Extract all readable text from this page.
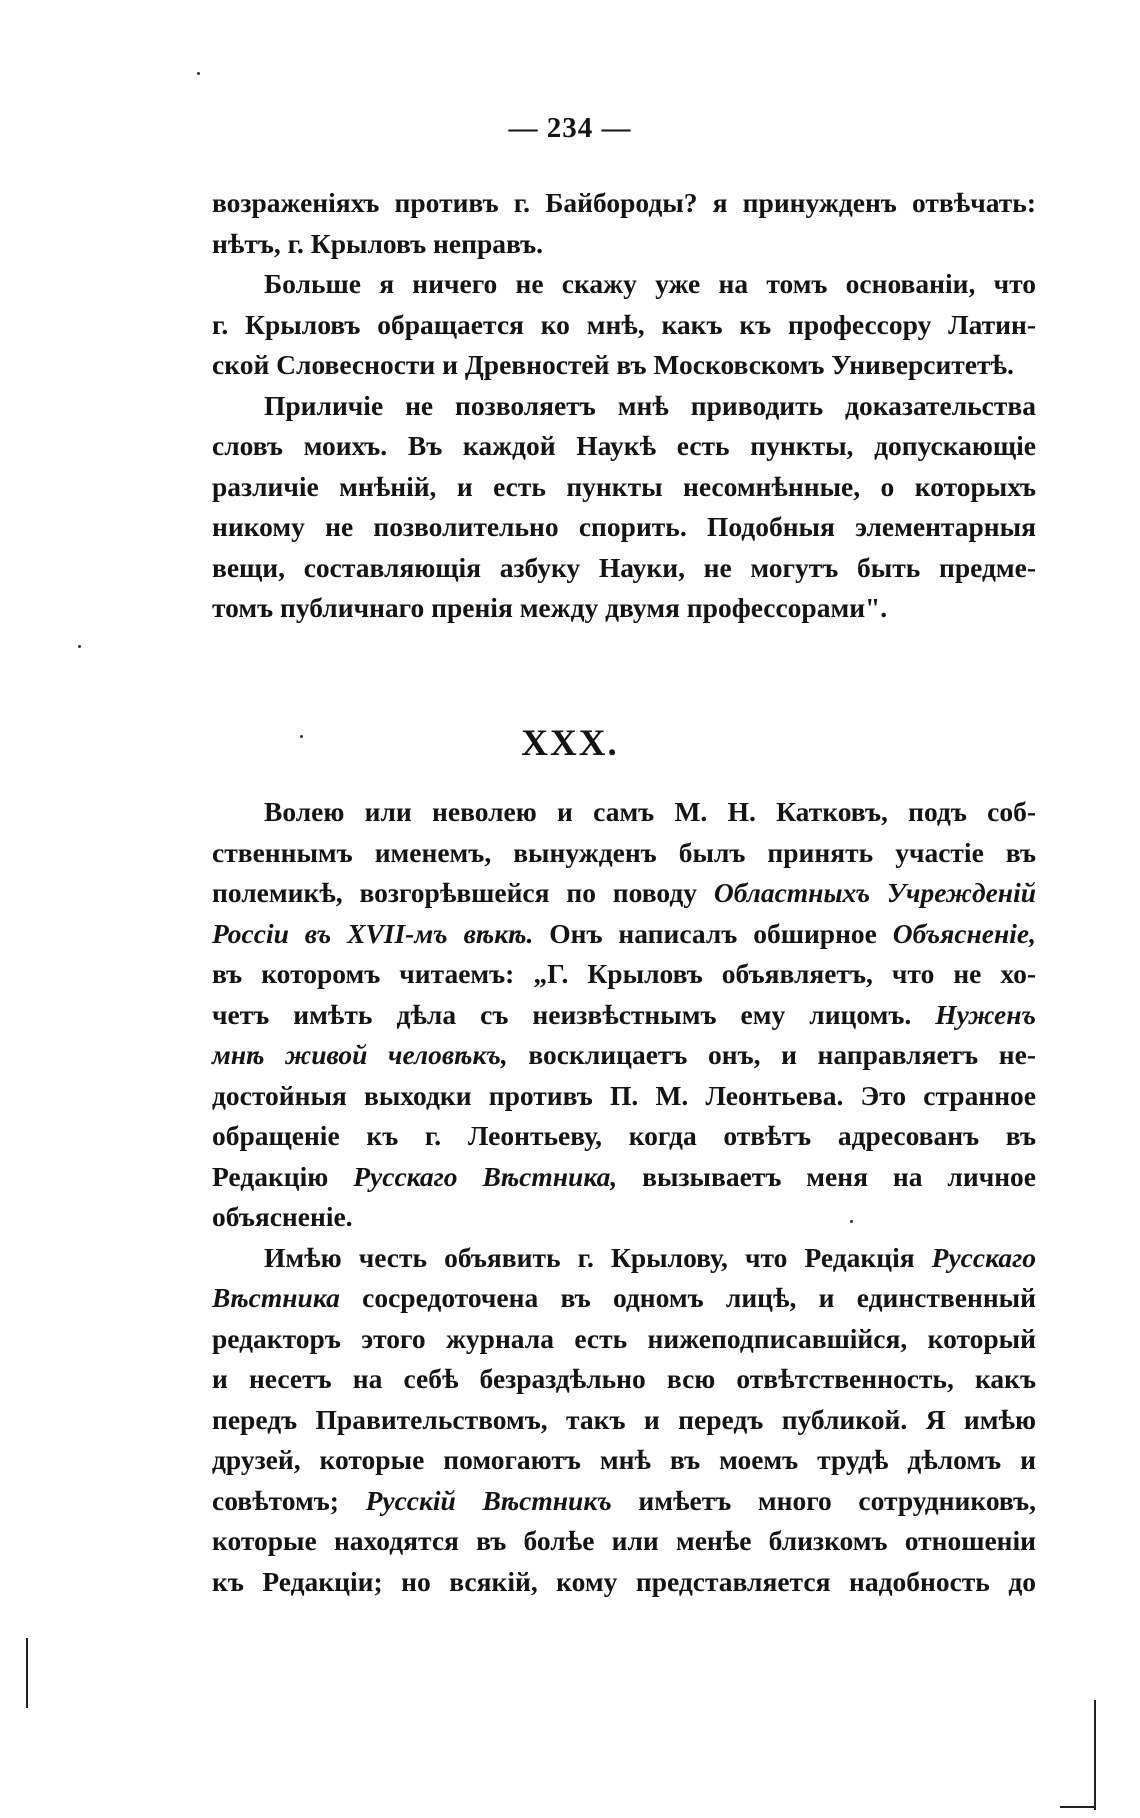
— 234 —
возраженіяхъ противъ г. Байбороды? я принужденъ отвѣчать:
нѣтъ, г. Крыловъ неправъ.
Больше я ничего не скажу уже на томъ основаніи, что
г. Крыловъ обращается ко мнѣ, какъ къ профессору Латин-
ской Словесности и Древностей въ Московскомъ Университетѣ.
Приличіе не позволяетъ мнѣ приводить доказательства
словъ моихъ. Въ каждой Наукѣ есть пункты, допускающіе
различіе мнѣній, и есть пункты несомнѣнные, о которыхъ
никому не позволительно спорить. Подобныя элементарныя
вещи, составляющія азбуку Науки, не могутъ быть предме-
томъ публичнаго пренія между двумя профессорами".
XXX.
Волею или неволею и самъ М. Н. Катковъ, подъ соб-
ственнымъ именемъ, вынужденъ былъ принять участіе въ
полемикѣ, возгорѣвшейся по поводу Областныхъ Учрежденій
Россіи въ XVII-мъ вѣкѣ. Онъ написалъ обширное Объясненіе,
въ которомъ читаемъ: „Г. Крыловъ объявляетъ, что не хо-
четъ имѣть дѣла съ неизвѣстнымъ ему лицомъ. Нуженъ
мнѣ живой человѣкъ, восклицаетъ онъ, и направляетъ не-
достойныя выходки противъ П. М. Леонтьева. Это странное
обращеніе къ г. Леонтьеву, когда отвѣтъ адресованъ въ
Редакцію Русскаго Вѣстника, вызываетъ меня на личное
объясненіе.
Имѣю честь объявить г. Крылову, что Редакція Русскаго
Вѣстника сосредоточена въ одномъ лицѣ, и единственный
редакторъ этого журнала есть нижеподписавшійся, который
и несетъ на себѣ безраздѣльно всю отвѣтственность, какъ
передъ Правительствомъ, такъ и передъ публикой. Я имѣю
друзей, которые помогаютъ мнѣ въ моемъ трудѣ дѣломъ и
совѣтомъ; Русскій Вѣстникъ имѣетъ много сотрудниковъ,
которые находятся въ болѣе или менѣе близкомъ отношеніи
къ Редакціи; но всякій, кому представляется надобность до
